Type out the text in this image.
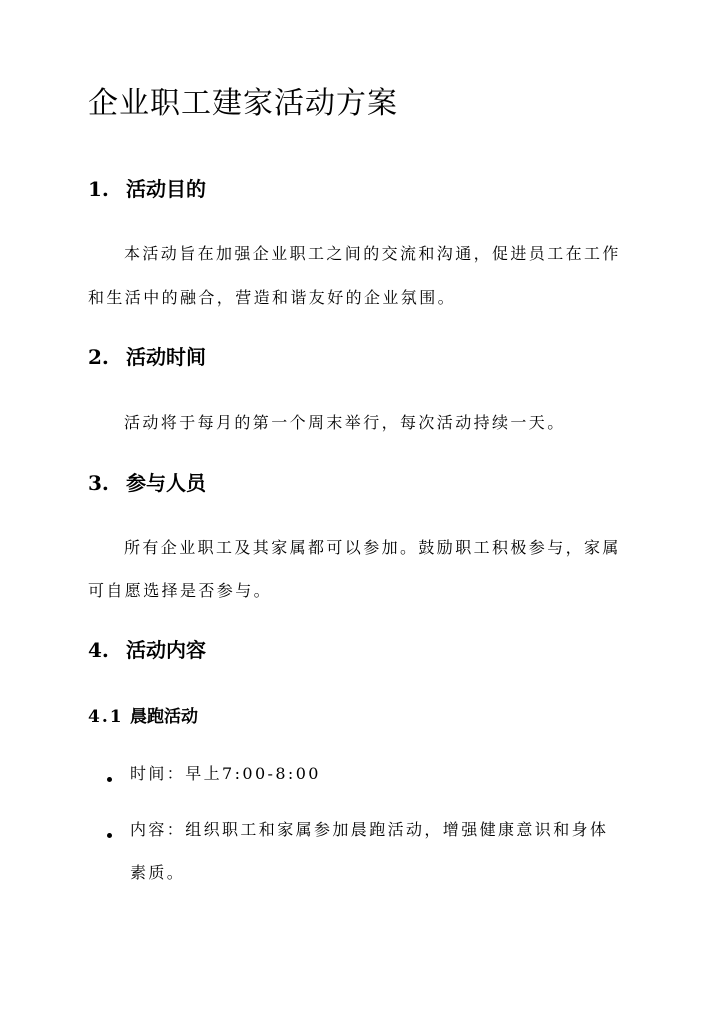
企业职工建家活动方案
1. 活动目的
本活动旨在加强企业职工之间的交流和沟通，促进员工在工作
和生活中的融合，营造和谐友好的企业氛围。
2. 活动时间
活动将于每月的第一个周末举行，每次活动持续一天。
3. 参与人员
所有企业职工及其家属都可以参加。鼓励职工积极参与，家属
可自愿选择是否参与。
4. 活动内容
4.1 晨跑活动
时间：早上7:00-8:00
内容：组织职工和家属参加晨跑活动，增强健康意识和身体
素质。
